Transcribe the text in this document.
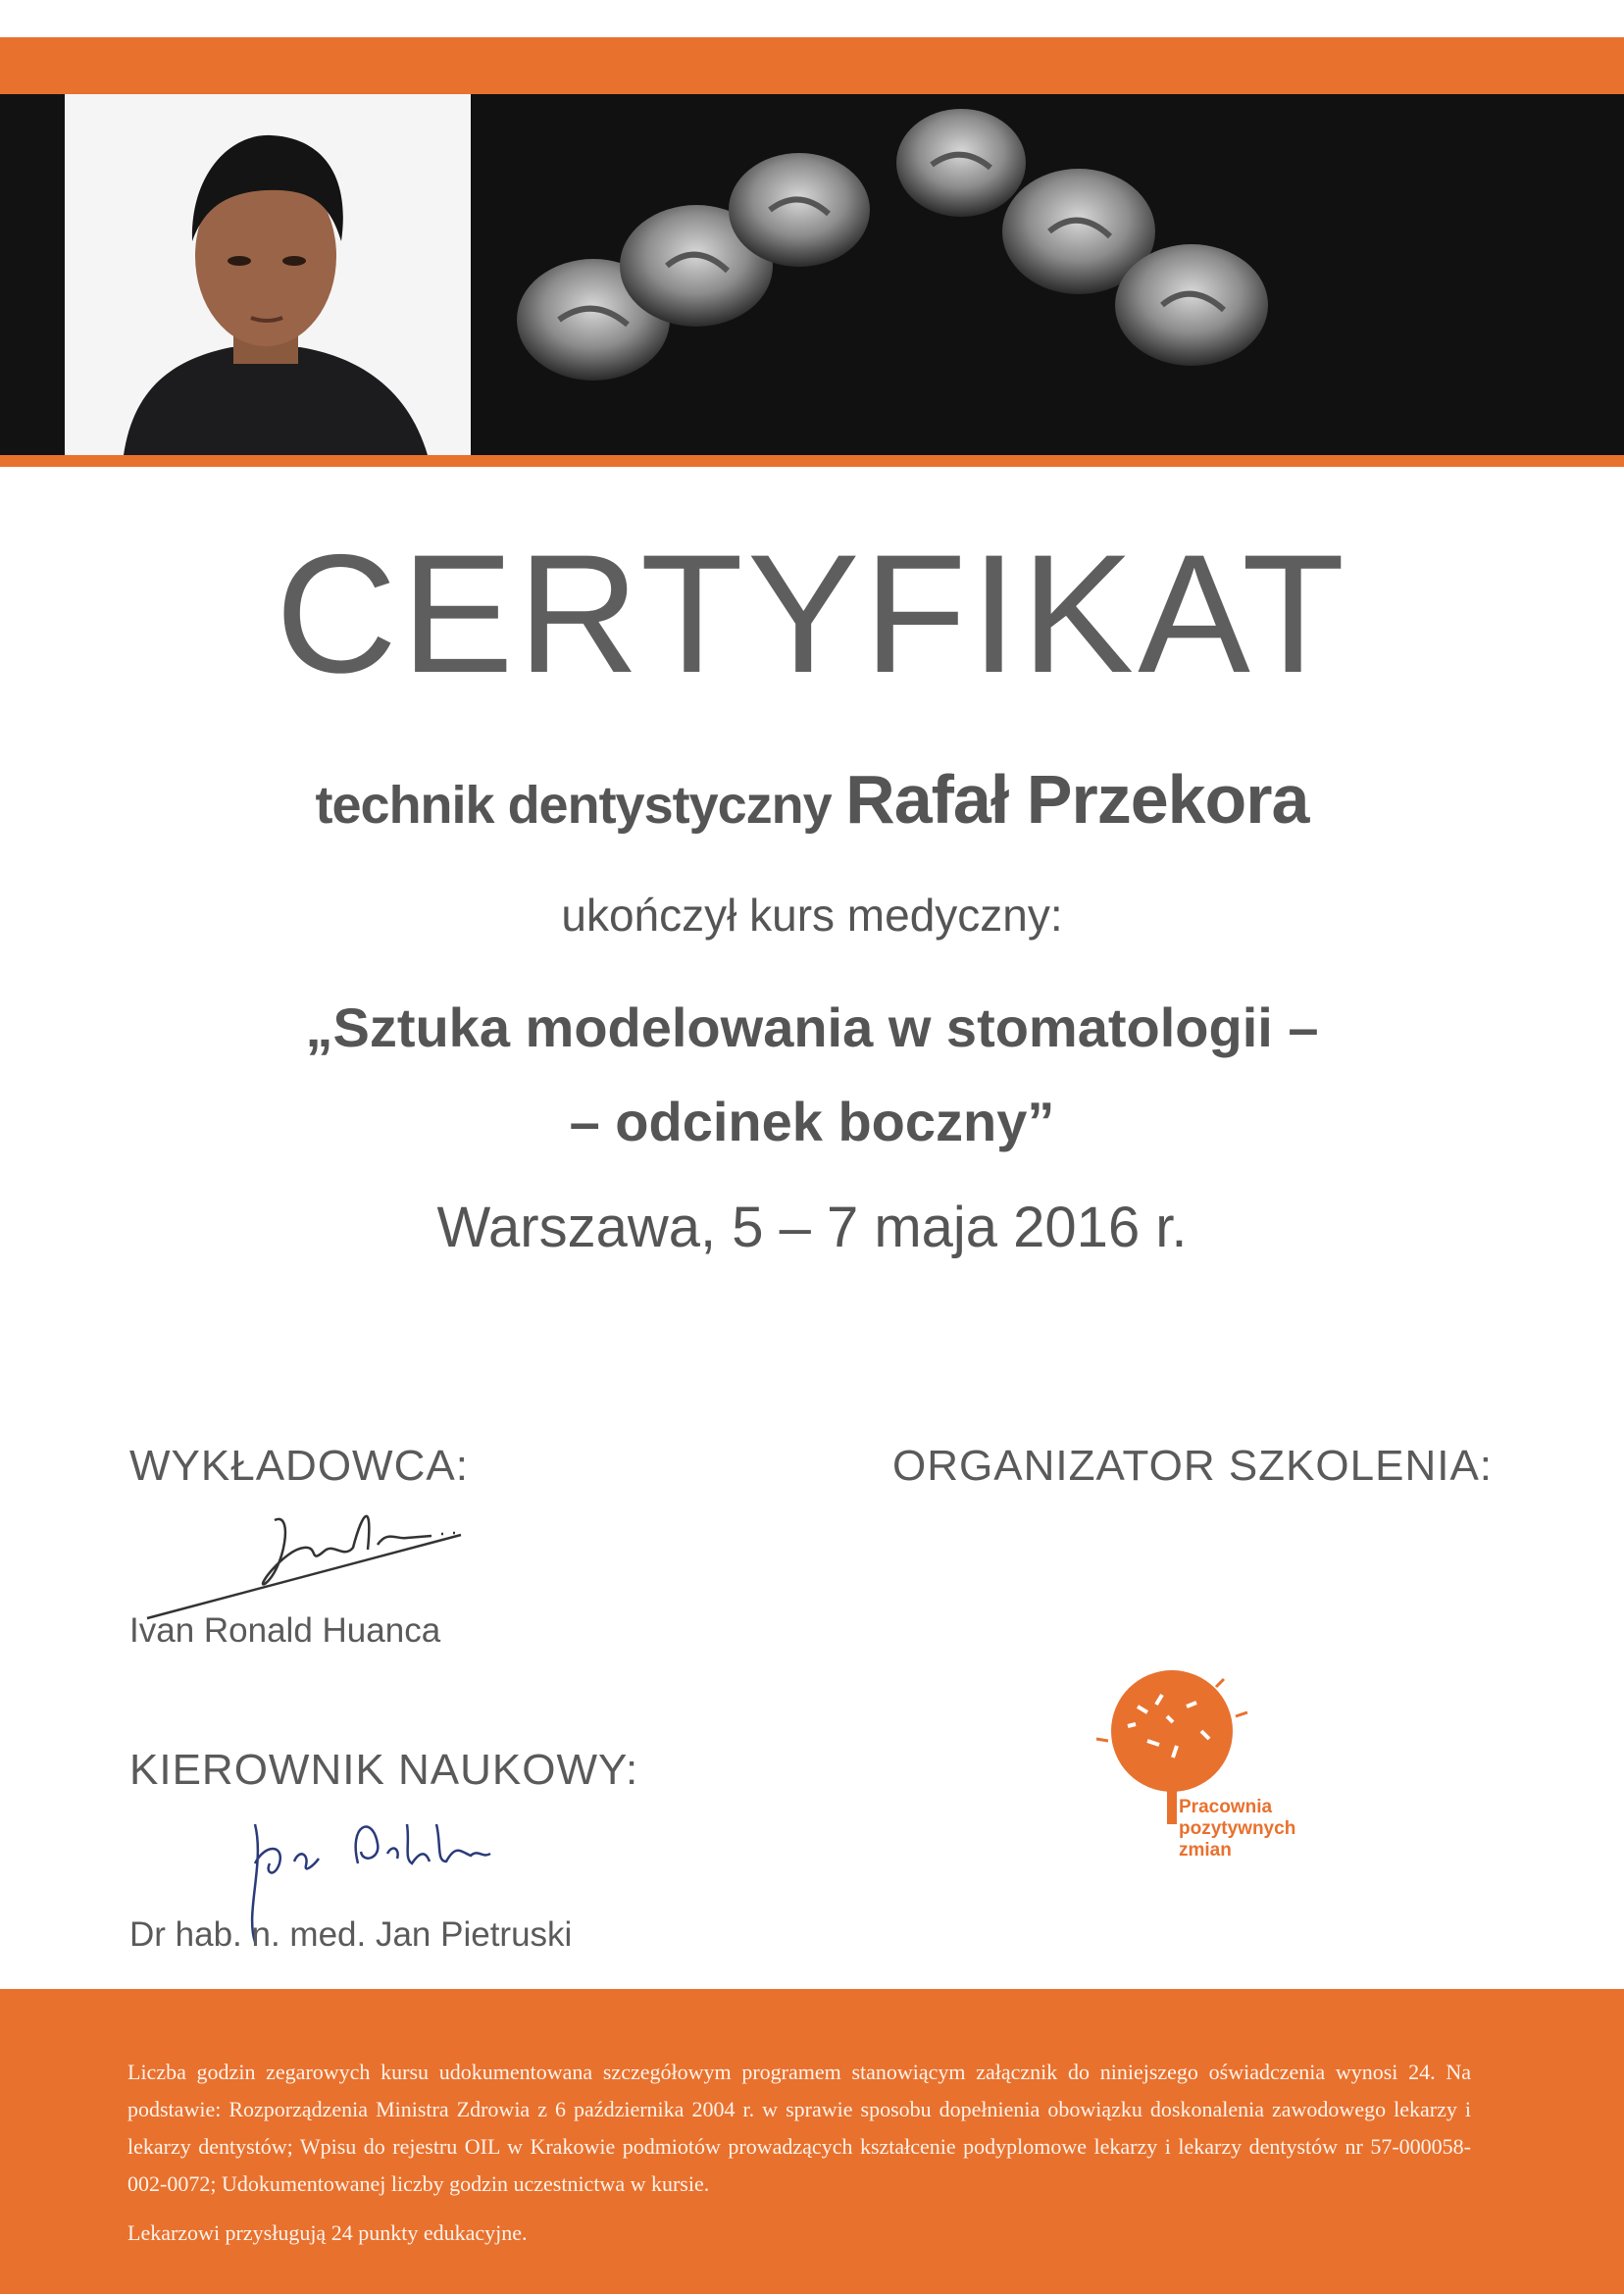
CERTYFIKAT
technik dentystyczny Rafał Przekora
ukończył kurs medyczny:
„Sztuka modelowania w stomatologii –
– odcinek boczny”
Warszawa, 5 – 7 maja 2016 r.
WYKŁADOWCA:
Ivan Ronald Huanca
ORGANIZATOR SZKOLENIA:
Pracownia
pozytywnych
zmian
KIEROWNIK NAUKOWY:
Dr hab. n. med. Jan Pietruski

Liczba godzin zegarowych kursu udokumentowana szczegółowym programem stanowiącym załącznik do niniejszego oświadczenia wynosi 24. Na podstawie: Rozporządzenia Ministra Zdrowia z 6 października 2004 r. w sprawie sposobu dopełnienia obowiązku doskonalenia zawodowego lekarzy i lekarzy dentystów; Wpisu do rejestru OIL w Krakowie podmiotów prowadzących kształcenie podyplomowe lekarzy i lekarzy dentystów nr 57-000058-002-0072; Udokumentowanej liczby godzin uczestnictwa w kursie.

Lekarzowi przysługują 24 punkty edukacyjne.
